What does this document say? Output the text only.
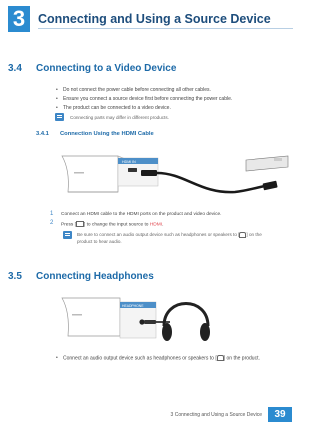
3	Connecting and Using a Source Device
3.4 Connecting to a Video Device
• Do not connect the power cable before connecting all other cables.
• Ensure you connect a source device first before connecting the power cable.
• The product can be connected to a video device.
Connecting parts may differ in different products.
3.4.1 Connection Using the HDMI Cable
HDMI IN
1 Connect an HDMI cable to the HDMI ports on the product and video device.
2 Press [ ] to change the input source to HDMI.
Be sure to connect an audio output device such as headphones or speakers to [ ] on the
product to hear audio.
3.5 Connecting Headphones
HEADPHONE
• Connect an audio output device such as headphones or speakers to [ ] on the product.
3 Connecting and Using a Source Device	39
